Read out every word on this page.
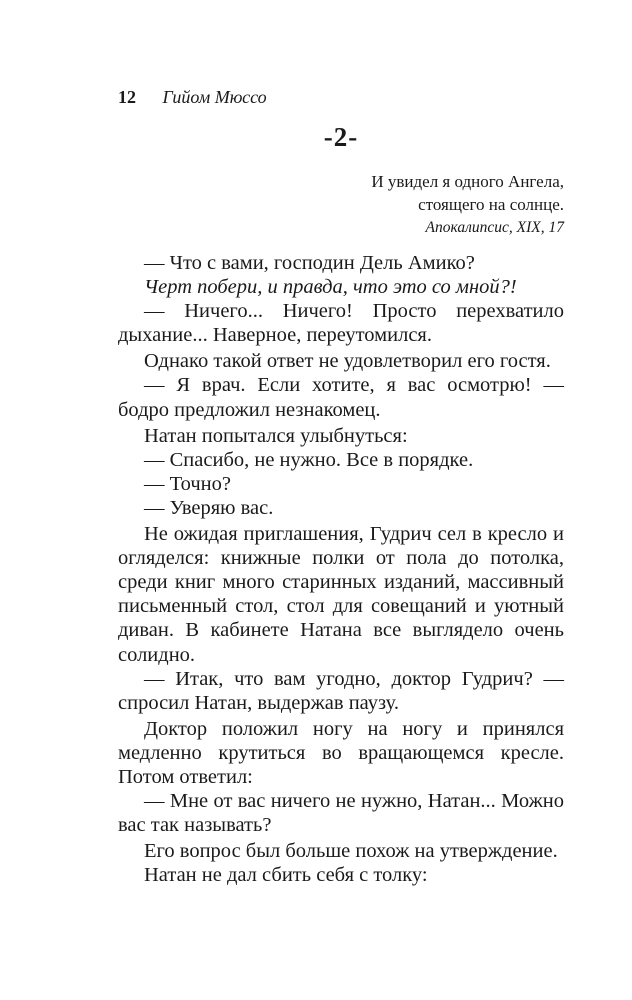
12 Гийом Мюссо
-2-
И увидел я одного Ангела,
стоящего на солнце.
Апокалипсис, XIX, 17

— Что с вами, господин Дель Амико?

Черт побери, и правда, что это со мной?!

— Ничего... Ничего! Просто перехватило дыхание... Наверное, переутомился.

Однако такой ответ не удовлетворил его гостя.

— Я врач. Если хотите, я вас осмотрю! — бодро предложил незнакомец.

Натан попытался улыбнуться:

— Спасибо, не нужно. Все в порядке.

— Точно?

— Уверяю вас.

Не ожидая приглашения, Гудрич сел в кресло и огляделся: книжные полки от пола до потолка, среди книг много старинных изданий, массивный письменный стол, стол для совещаний и уютный диван. В кабинете Натана все выглядело очень солидно.

— Итак, что вам угодно, доктор Гудрич? — спросил Натан, выдержав паузу.

Доктор положил ногу на ногу и принялся медленно крутиться во вращающемся кресле. Потом ответил:

— Мне от вас ничего не нужно, Натан... Можно вас так называть?

Его вопрос был больше похож на утверждение.

Натан не дал сбить себя с толку:
